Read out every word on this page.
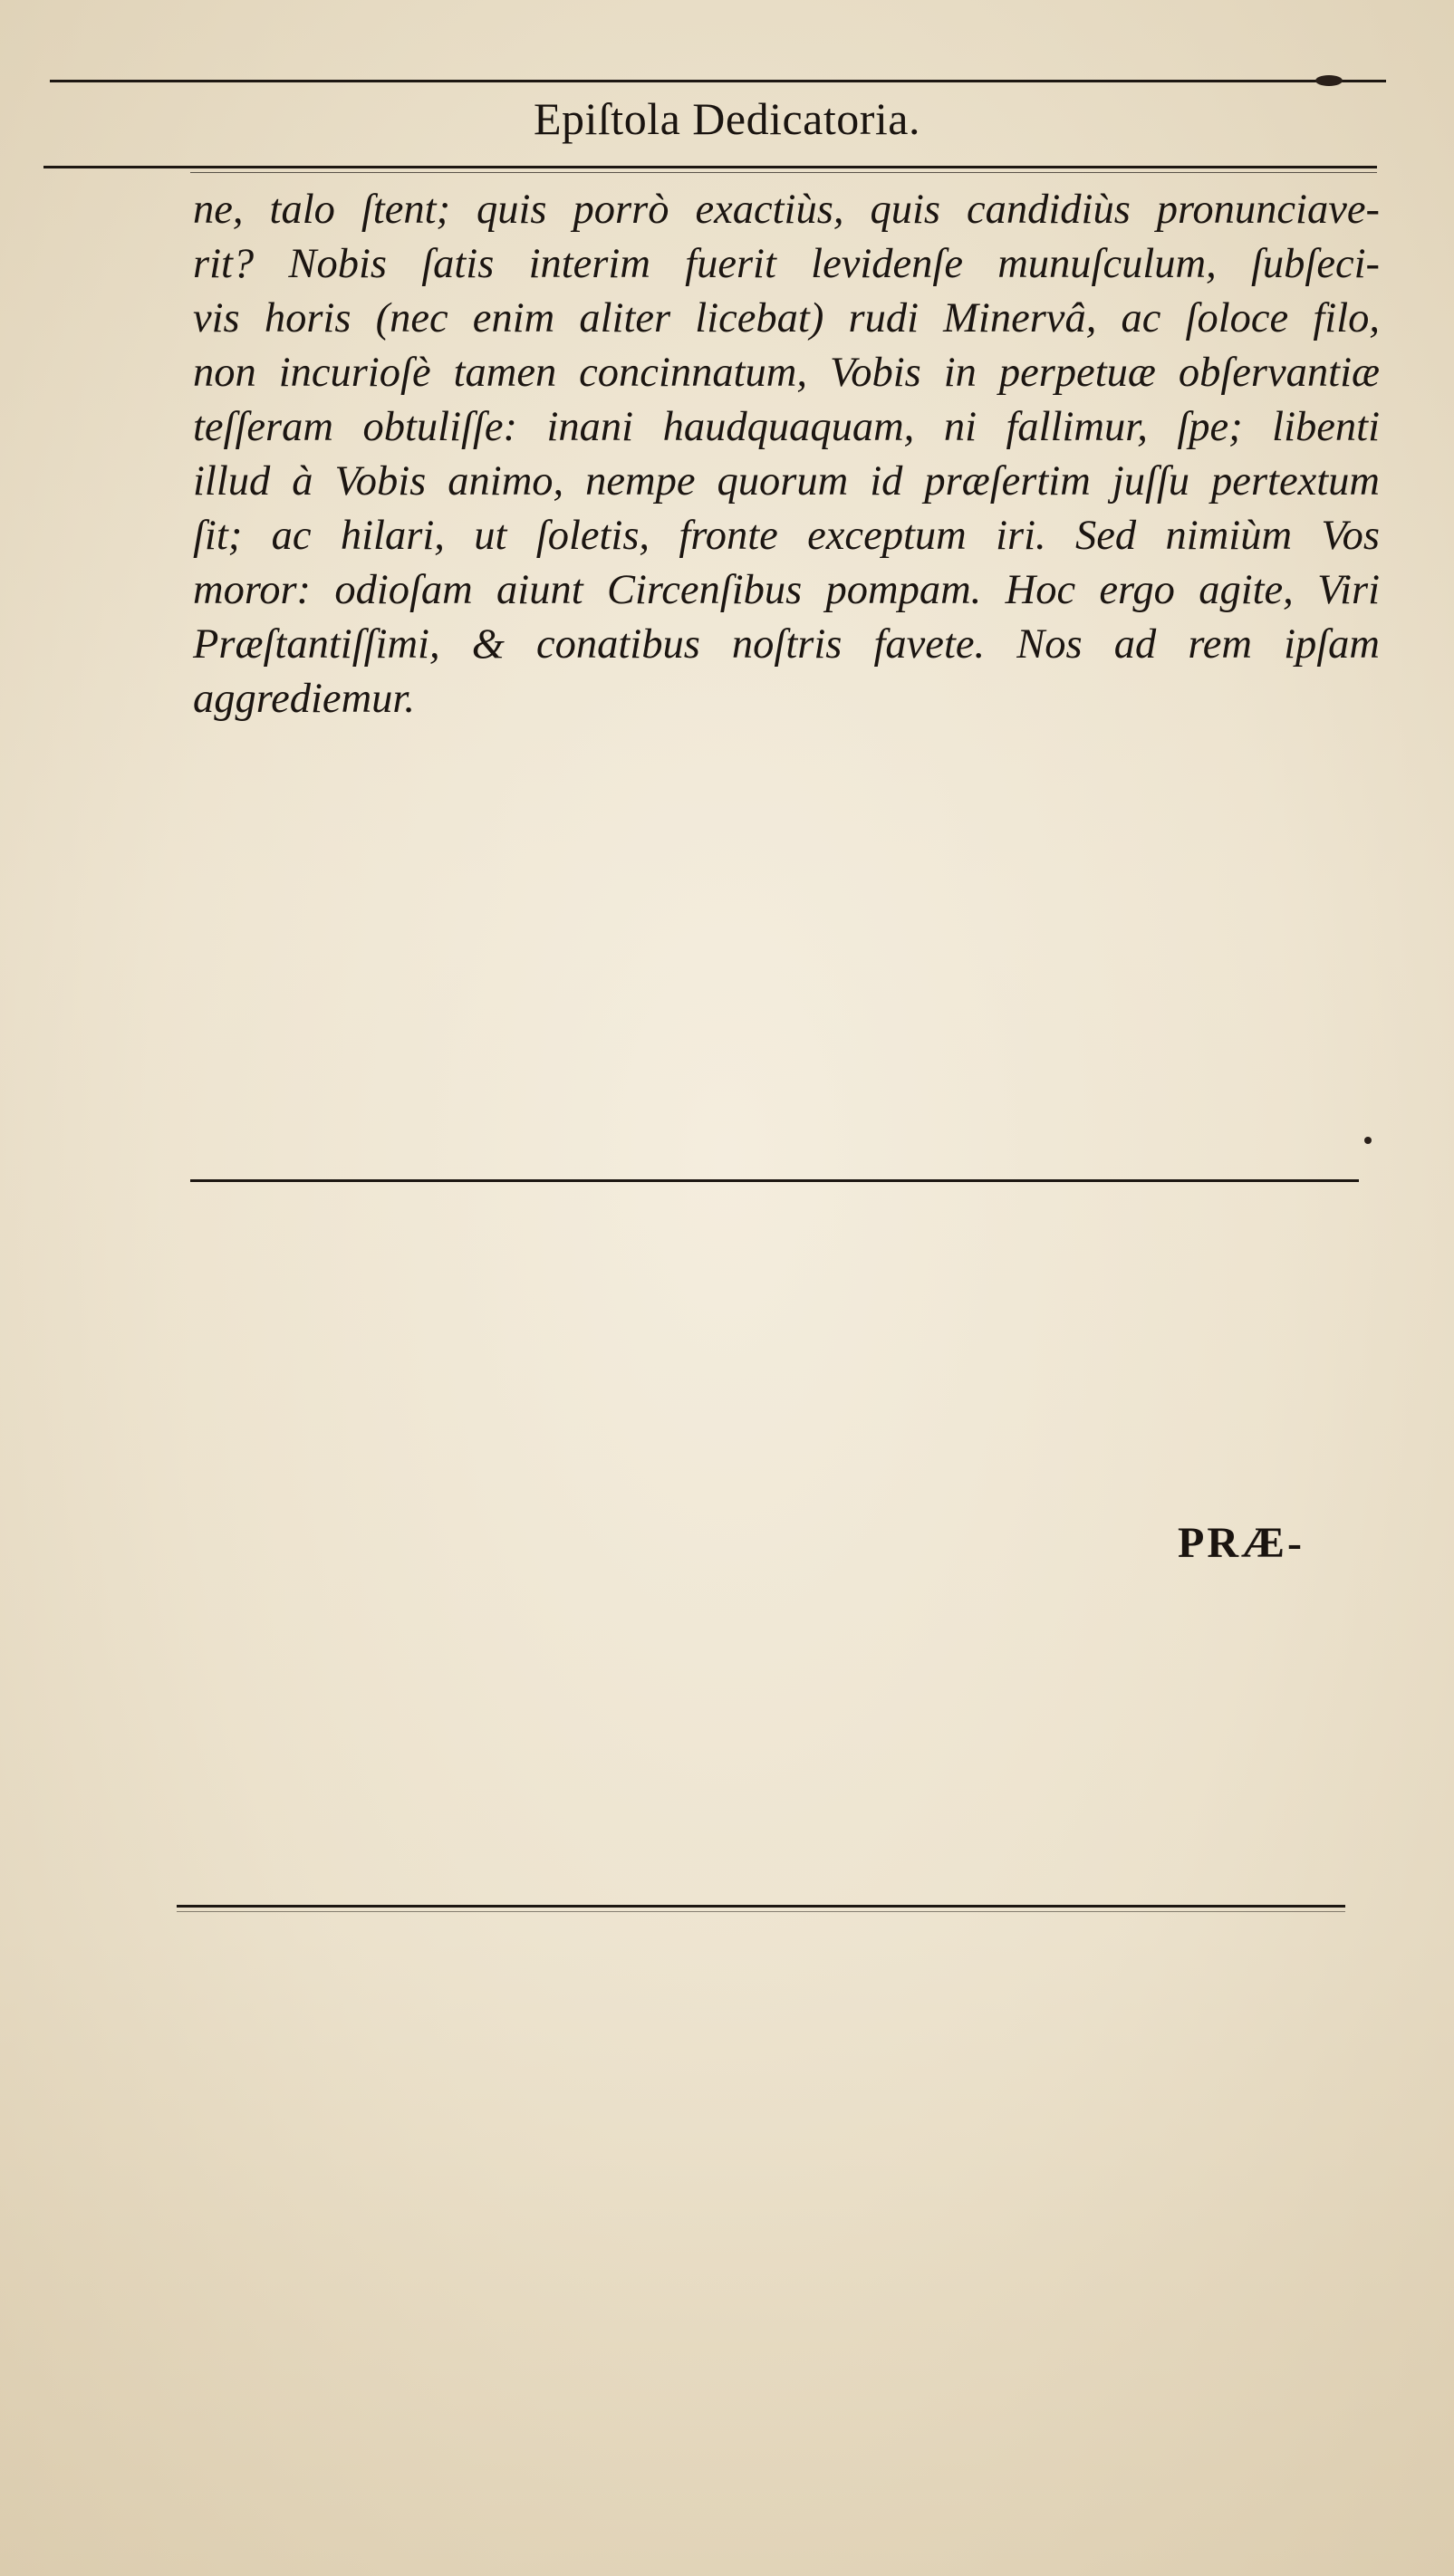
Epiſtola Dedicatoria.
ne, talo ſtent; quis porrò exactiùs, quis candidiùs pronunciave-
rit? Nobis ſatis interim fuerit levidenſe munuſculum, ſubſeci-
vis horis (nec enim aliter licebat) rudi Minervâ, ac ſoloce filo,
non incurioſè tamen concinnatum, Vobis in perpetuæ obſervantiæ
teſſeram obtuliſſe: inani haudquaquam, ni fallimur, ſpe; libenti
illud à Vobis animo, nempe quorum id præſertim juſſu pertextum
ſit; ac hilari, ut ſoletis, fronte exceptum iri. Sed nimiùm Vos
moror: odioſam aiunt Circenſibus pompam. Hoc ergo agite, Viri
Præſtantiſſimi, & conatibus noſtris favete. Nos ad rem ipſam
aggrediemur.
PRÆ-
